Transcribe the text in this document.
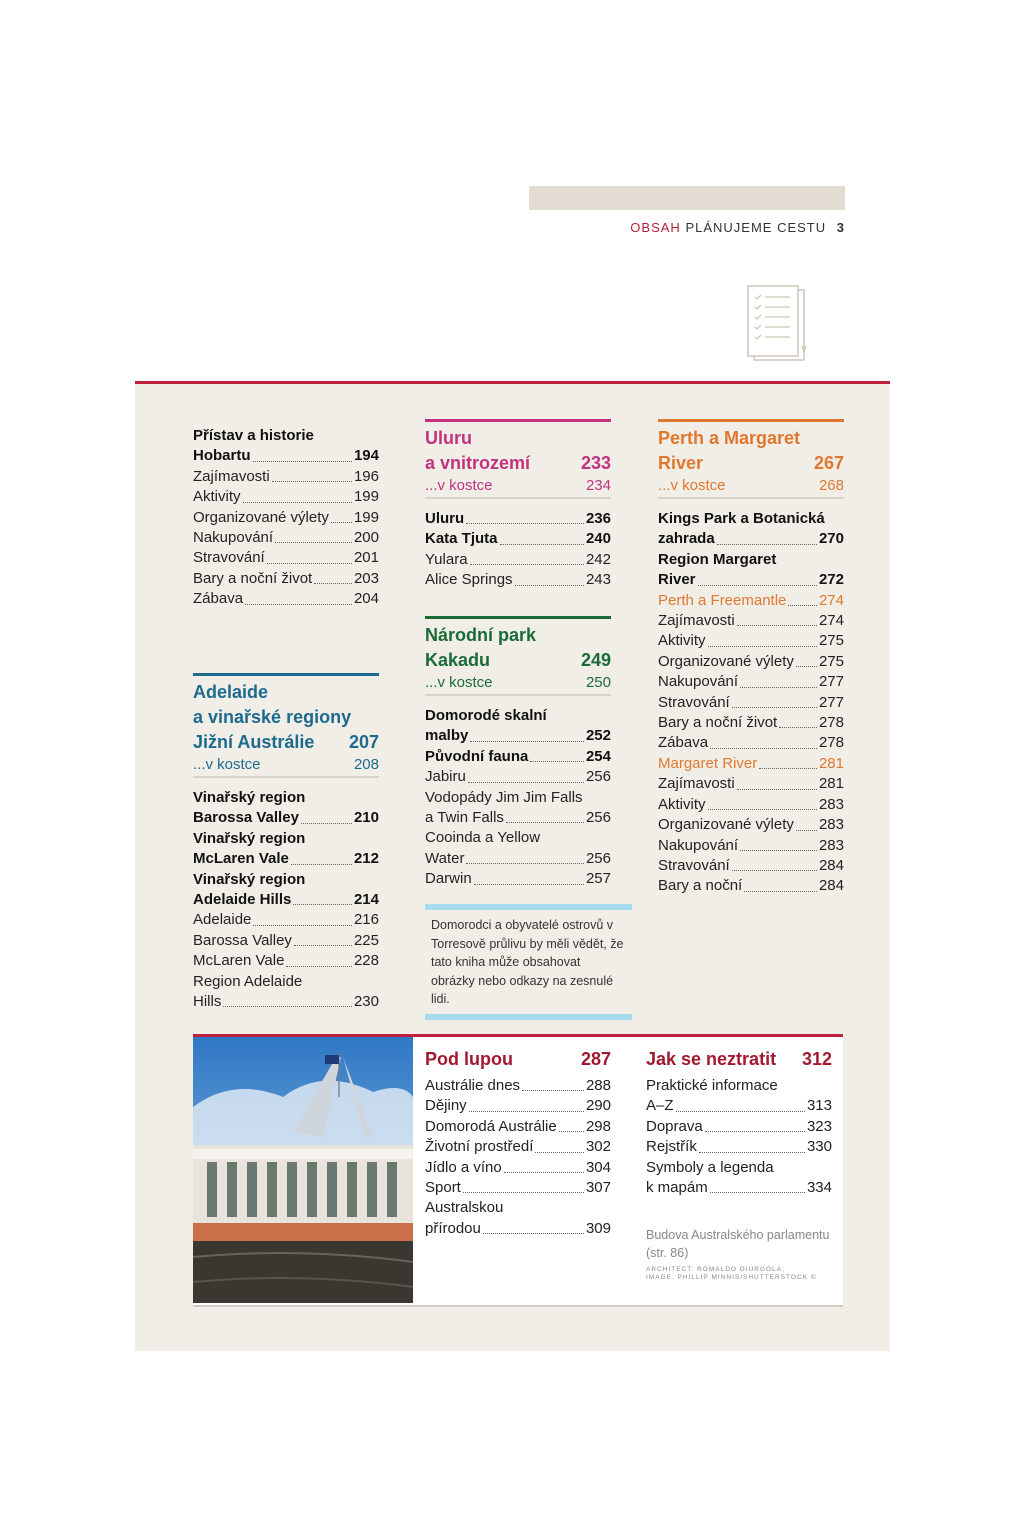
OBSAH PLÁNUJEME CESTU 3
Přístav a historie
Hobartu	194
Zajímavosti	196
Aktivity	199
Organizované výlety 199
Nakupování	200
Stravování	201
Bary a noční život	203
Zábava	204
Adelaide
a vinařské regiony
Jižní Austrálie 207
...v kostce	208
Vinařský region
Barossa Valley	210
Vinařský region
McLaren Vale	212
Vinařský region
Adelaide Hills	214
Adelaide	216
Barossa Valley	225
McLaren Vale	228
Region Adelaide
Hills	230
Uluru
a vnitrozemí	233
...v kostce	234
Uluru	236
Kata Tjuta	240
Yulara	242
Alice Springs	243
Národní park
Kakadu	249
...v kostce	250
Domorodé skalní
malby	252
Původní fauna	254
Jabiru	256
Vodopády Jim Jim Falls
a Twin Falls	256
Cooinda a Yellow
Water	256
Darwin	257
Perth a Margaret
River	267
...v kostce	268
Kings Park a Botanická
zahrada	270
Region Margaret
River	272
Perth a Freemantle 274
Zajímavosti	274
Aktivity	275
Organizované výlety 275
Nakupování	277
Stravování	277
Bary a noční život	278
Zábava	278
Margaret River	281
Zajímavosti	281
Aktivity	283
Organizované výlety 283
Nakupování	283
Stravování	284
Bary a noční	284
Domorodci a obyvatelé ostrovů v Torresově průlivu by měli vědět, že tato kniha může obsahovat obrázky nebo odkazy na zesnulé lidi.
Pod lupou	287
Austrálie dnes	288
Dějiny	290
Domorodá Austrálie 298
Životní prostředí	302
Jídlo a víno	304
Sport	307
Australskou
přírodou	309
Jak se neztratit 312
Praktické informace
A–Z	313
Doprava	323
Rejstřík	330
Symboly a legenda
k mapám	334
Budova Australského parlamentu (str. 86)
ARCHITECT: ROMALDO GIURGOLA;
IMAGE: PHILLIP MINNIS/SHUTTERSTOCK ©
